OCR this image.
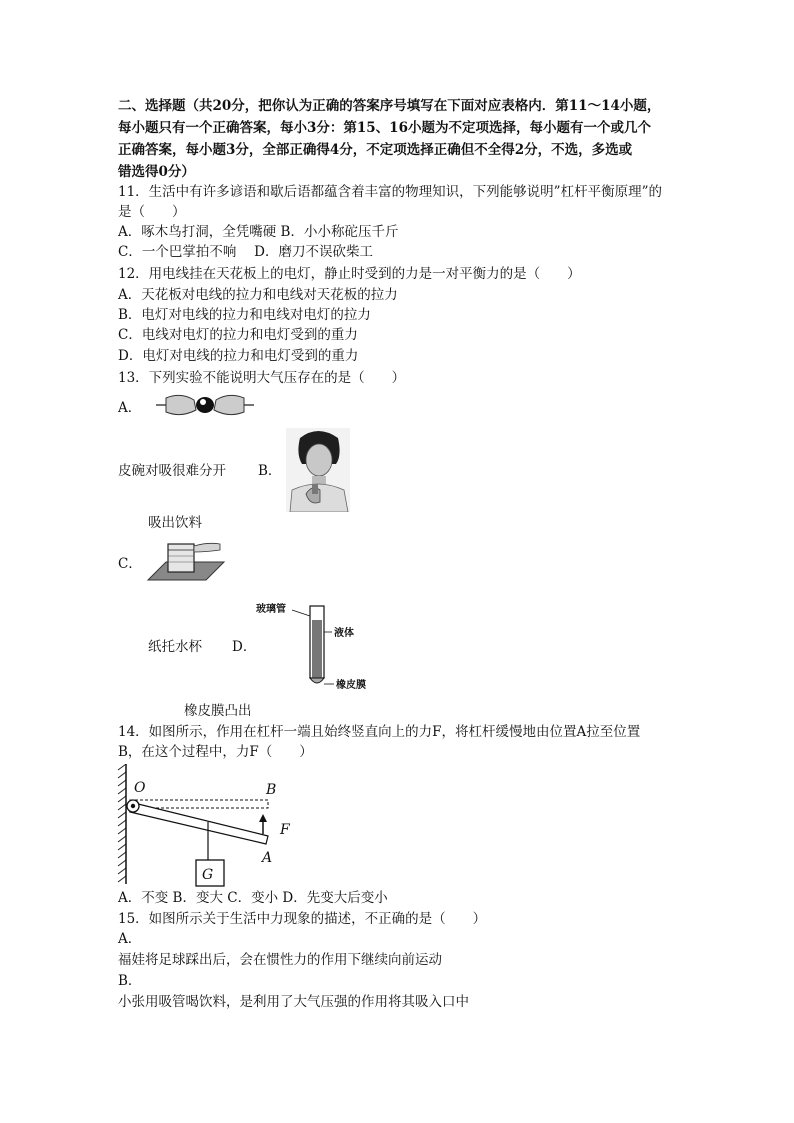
二、选择题（共20分，把你认为正确的答案序号填写在下面对应表格内．第11～14小题，
每小题只有一个正确答案，每小3分：第15、16小题为不定项选择，每小题有一个或几个
正确答案，每小题3分，全部正确得4分，不定项选择正确但不全得2分，不选，多选或
错选得0分）
11．生活中有许多谚语和歇后语都蕴含着丰富的物理知识，下列能够说明”杠杆平衡原理”的
是（　　）
A．啄木鸟打洞，全凭嘴硬 B．小小称砣压千斤
C．一个巴掌拍不响　 D．磨刀不误砍柴工
12．用电线挂在天花板上的电灯，静止时受到的力是一对平衡力的是（　　）
A．天花板对电线的拉力和电线对天花板的拉力
B．电灯对电线的拉力和电线对电灯的拉力
C．电线对电灯的拉力和电灯受到的重力
D．电灯对电线的拉力和电灯受到的重力
13．下列实验不能说明大气压存在的是（　　）
A．
皮碗对吸很难分开 B．
吸出饮料
C．
纸托水杯 D．
玻璃管
液体
橡皮膜
橡皮膜凸出
14．如图所示，作用在杠杆一端且始终竖直向上的力F，将杠杆缓慢地由位置A拉至位置
B，在这个过程中，力F（　　）
O	B
F
A
G
A．不变 B．变大 C．变小 D．先变大后变小
15．如图所示关于生活中力现象的描述，不正确的是（　　）
A．
福娃将足球踩出后，会在惯性力的作用下继续向前运动
B．
小张用吸管喝饮料，是利用了大气压强的作用将其吸入口中
